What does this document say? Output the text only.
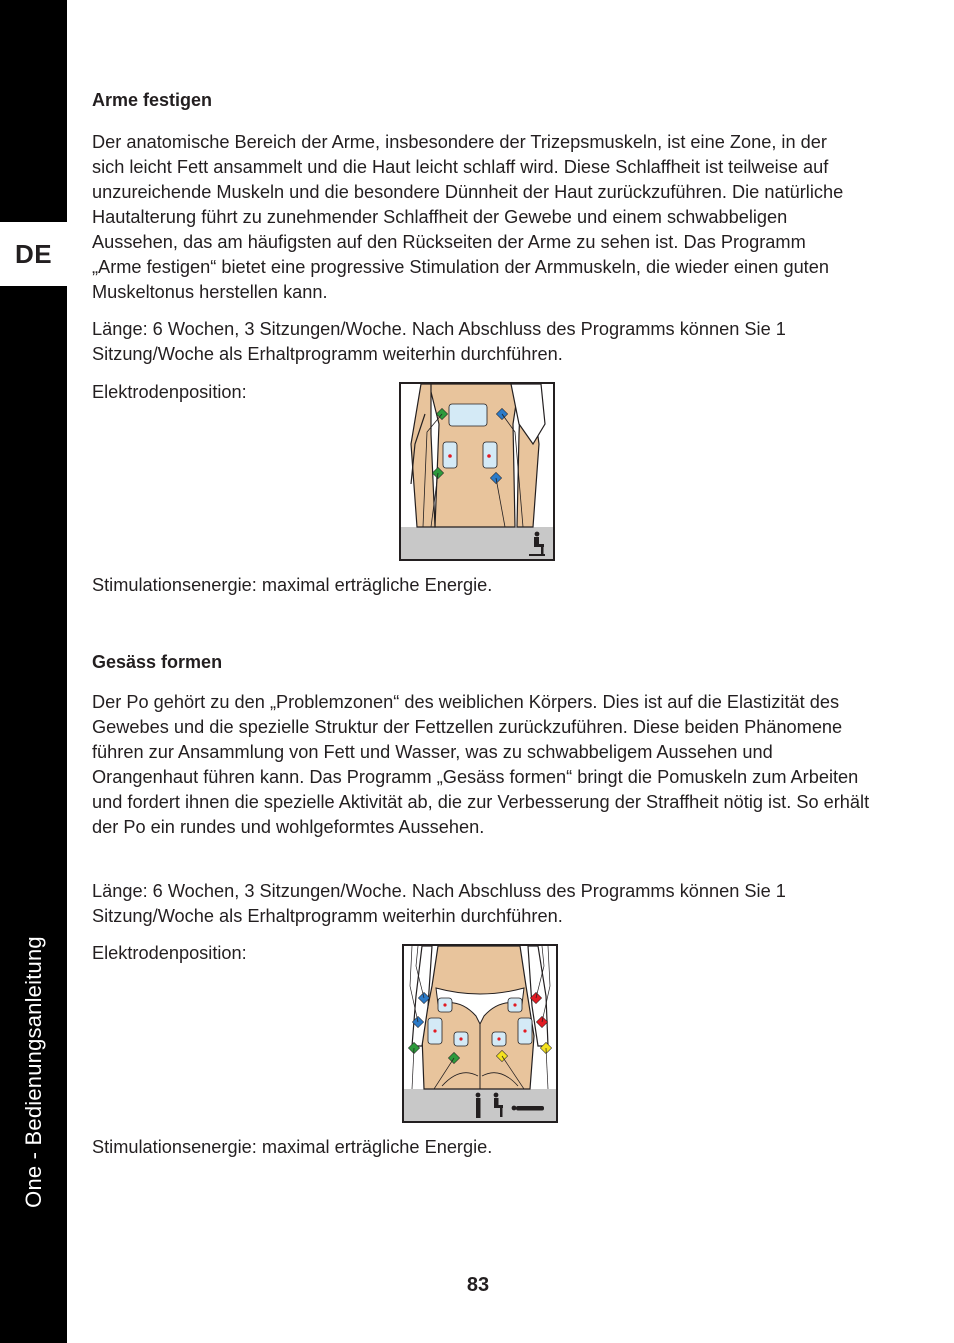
DE
One - Bedienungsanleitung
Arme festigen

Der anatomische Bereich der Arme, insbesondere der Trizepsmuskeln, ist eine Zone, in der sich leicht Fett ansammelt und die Haut leicht schlaff wird. Diese Schlaffheit ist teilweise auf unzureichende Muskeln und die besondere Dünnheit der Haut zurückzuführen. Die natürliche Hautalterung führt zu zunehmender Schlaffheit der Gewebe und einem schwabbeligen Aussehen, das am häufigsten auf den Rückseiten der Arme zu sehen ist. Das Programm „Arme festigen“ bietet eine progressive Stimulation der Armmuskeln, die wieder einen guten Muskeltonus herstellen kann.

Länge: 6 Wochen, 3 Sitzungen/Woche. Nach Abschluss des Programms können Sie 1 Sitzung/Woche als Erhaltprogramm weiterhin durchführen.

Elektrodenposition:

Stimulationsenergie: maximal erträgliche Energie.

Gesäss formen

Der Po gehört zu den „Problemzonen“ des weiblichen Körpers. Dies ist auf die Elastizität des Gewebes und die spezielle Struktur der Fettzellen zurückzuführen. Diese beiden Phänomene führen zur Ansammlung von Fett und Wasser, was zu schwabbeligem Aussehen und Orangenhaut führen kann. Das Programm „Gesäss formen“ bringt die Pomuskeln zum Arbeiten und fordert ihnen die spezielle Aktivität ab, die zur Verbesserung der Straffheit nötig ist. So erhält der Po ein rundes und wohlgeformtes Aussehen.

Länge: 6 Wochen, 3 Sitzungen/Woche. Nach Abschluss des Programms können Sie 1 Sitzung/Woche als Erhaltprogramm weiterhin durchführen.

Elektrodenposition:

Stimulationsenergie: maximal erträgliche Energie.

83
